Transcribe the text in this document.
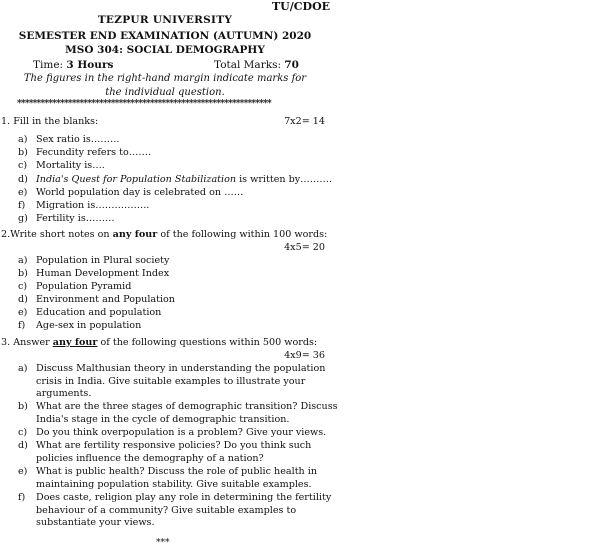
TU/CDOE
TEZPUR UNIVERSITY
SEMESTER END EXAMINATION (AUTUMN) 2020
MSO 304: SOCIAL DEMOGRAPHY
Time: 3 Hours	Total Marks: 70
The figures in the right-hand margin indicate marks for
the individual question.
*****************************************************************
1. Fill in the blanks:	7x2= 14
a) Sex ratio is………
b) Fecundity refers to…….
c) Mortality is….
d) India's Quest for Population Stabilization is written by……….
e) World population day is celebrated on ……
f) Migration is……………..
g) Fertility is………
2.Write short notes on any four of the following within 100 words:
4x5= 20
a) Population in Plural society
b) Human Development Index
c) Population Pyramid
d) Environment and Population
e) Education and population
f) Age-sex in population
3. Answer any four of the following questions within 500 words:
4x9= 36
a) Discuss Malthusian theory in understanding the population
crisis in India. Give suitable examples to illustrate your
arguments.
b) What are the three stages of demographic transition? Discuss
India's stage in the cycle of demographic transition.
c) Do you think overpopulation is a problem? Give your views.
d) What are fertility responsive policies? Do you think such
policies influence the demography of a nation?
e) What is public health? Discuss the role of public health in
maintaining population stability. Give suitable examples.
f) Does caste, religion play any role in determining the fertility
behaviour of a community? Give suitable examples to
substantiate your views.
***
